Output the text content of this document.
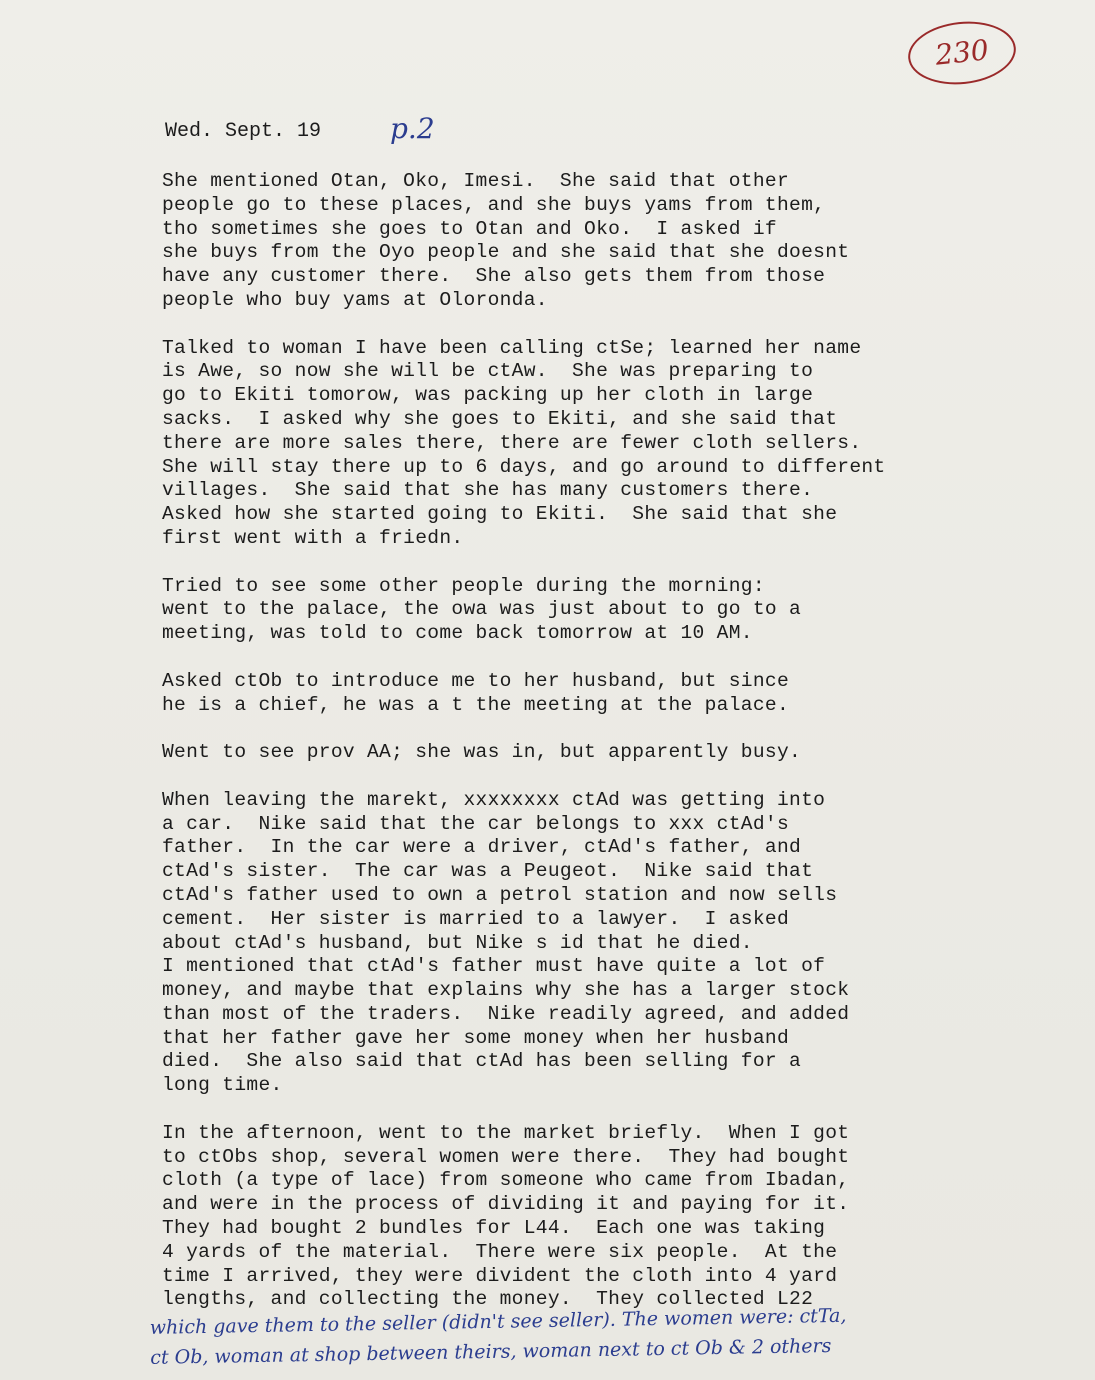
230
Wed. Sept. 19 p.2
She mentioned Otan, Oko, Imesi.  She said that other
people go to these places, and she buys yams from them,
tho sometimes she goes to Otan and Oko.  I asked if
she buys from the Oyo people and she said that she doesnt
have any customer there.  She also gets them from those
people who buy yams at Oloronda.
Talked to woman I have been calling ctSe; learned her name
is Awe, so now she will be ctAw.  She was preparing to
go to Ekiti tomorow, was packing up her cloth in large
sacks.  I asked why she goes to Ekiti, and she said that
there are more sales there, there are fewer cloth sellers.
She will stay there up to 6 days, and go around to different
villages.  She said that she has many customers there.
Asked how she started going to Ekiti.  She said that she
first went with a friedn.
Tried to see some other people during the morning:
went to the palace, the owa was just about to go to a
meeting, was told to come back tomorrow at 10 AM.
Asked ctOb to introduce me to her husband, but since
he is a chief, he was a t the meeting at the palace.
Went to see prov AA; she was in, but apparently busy.
When leaving the marekt, xxxxxxxx ctAd was getting into
a car.  Nike said that the car belongs to xxx ctAd's
father.  In the car were a driver, ctAd's father, and
ctAd's sister.  The car was a Peugeot.  Nike said that
ctAd's father used to own a petrol station and now sells
cement.  Her sister is married to a lawyer.  I asked
about ctAd's husband, but Nike s id that he died.
I mentioned that ctAd's father must have quite a lot of
money, and maybe that explains why she has a larger stock
than most of the traders.  Nike readily agreed, and added
that her father gave her some money when her husband
died.  She also said that ctAd has been selling for a
long time.
In the afternoon, went to the market briefly.  When I got
to ctObs shop, several women were there.  They had bought
cloth (a type of lace) from someone who came from Ibadan,
and were in the process of dividing it and paying for it.
They had bought 2 bundles for L44.  Each one was taking
4 yards of the material.  There were six people.  At the
time I arrived, they were divident the cloth into 4 yard
lengths, and collecting the money.  They collected L22
which gave them to the seller (didn't see seller). The women were: ctTa,
ct Ob, woman at shop between theirs, woman next to ct Ob & 2 others
